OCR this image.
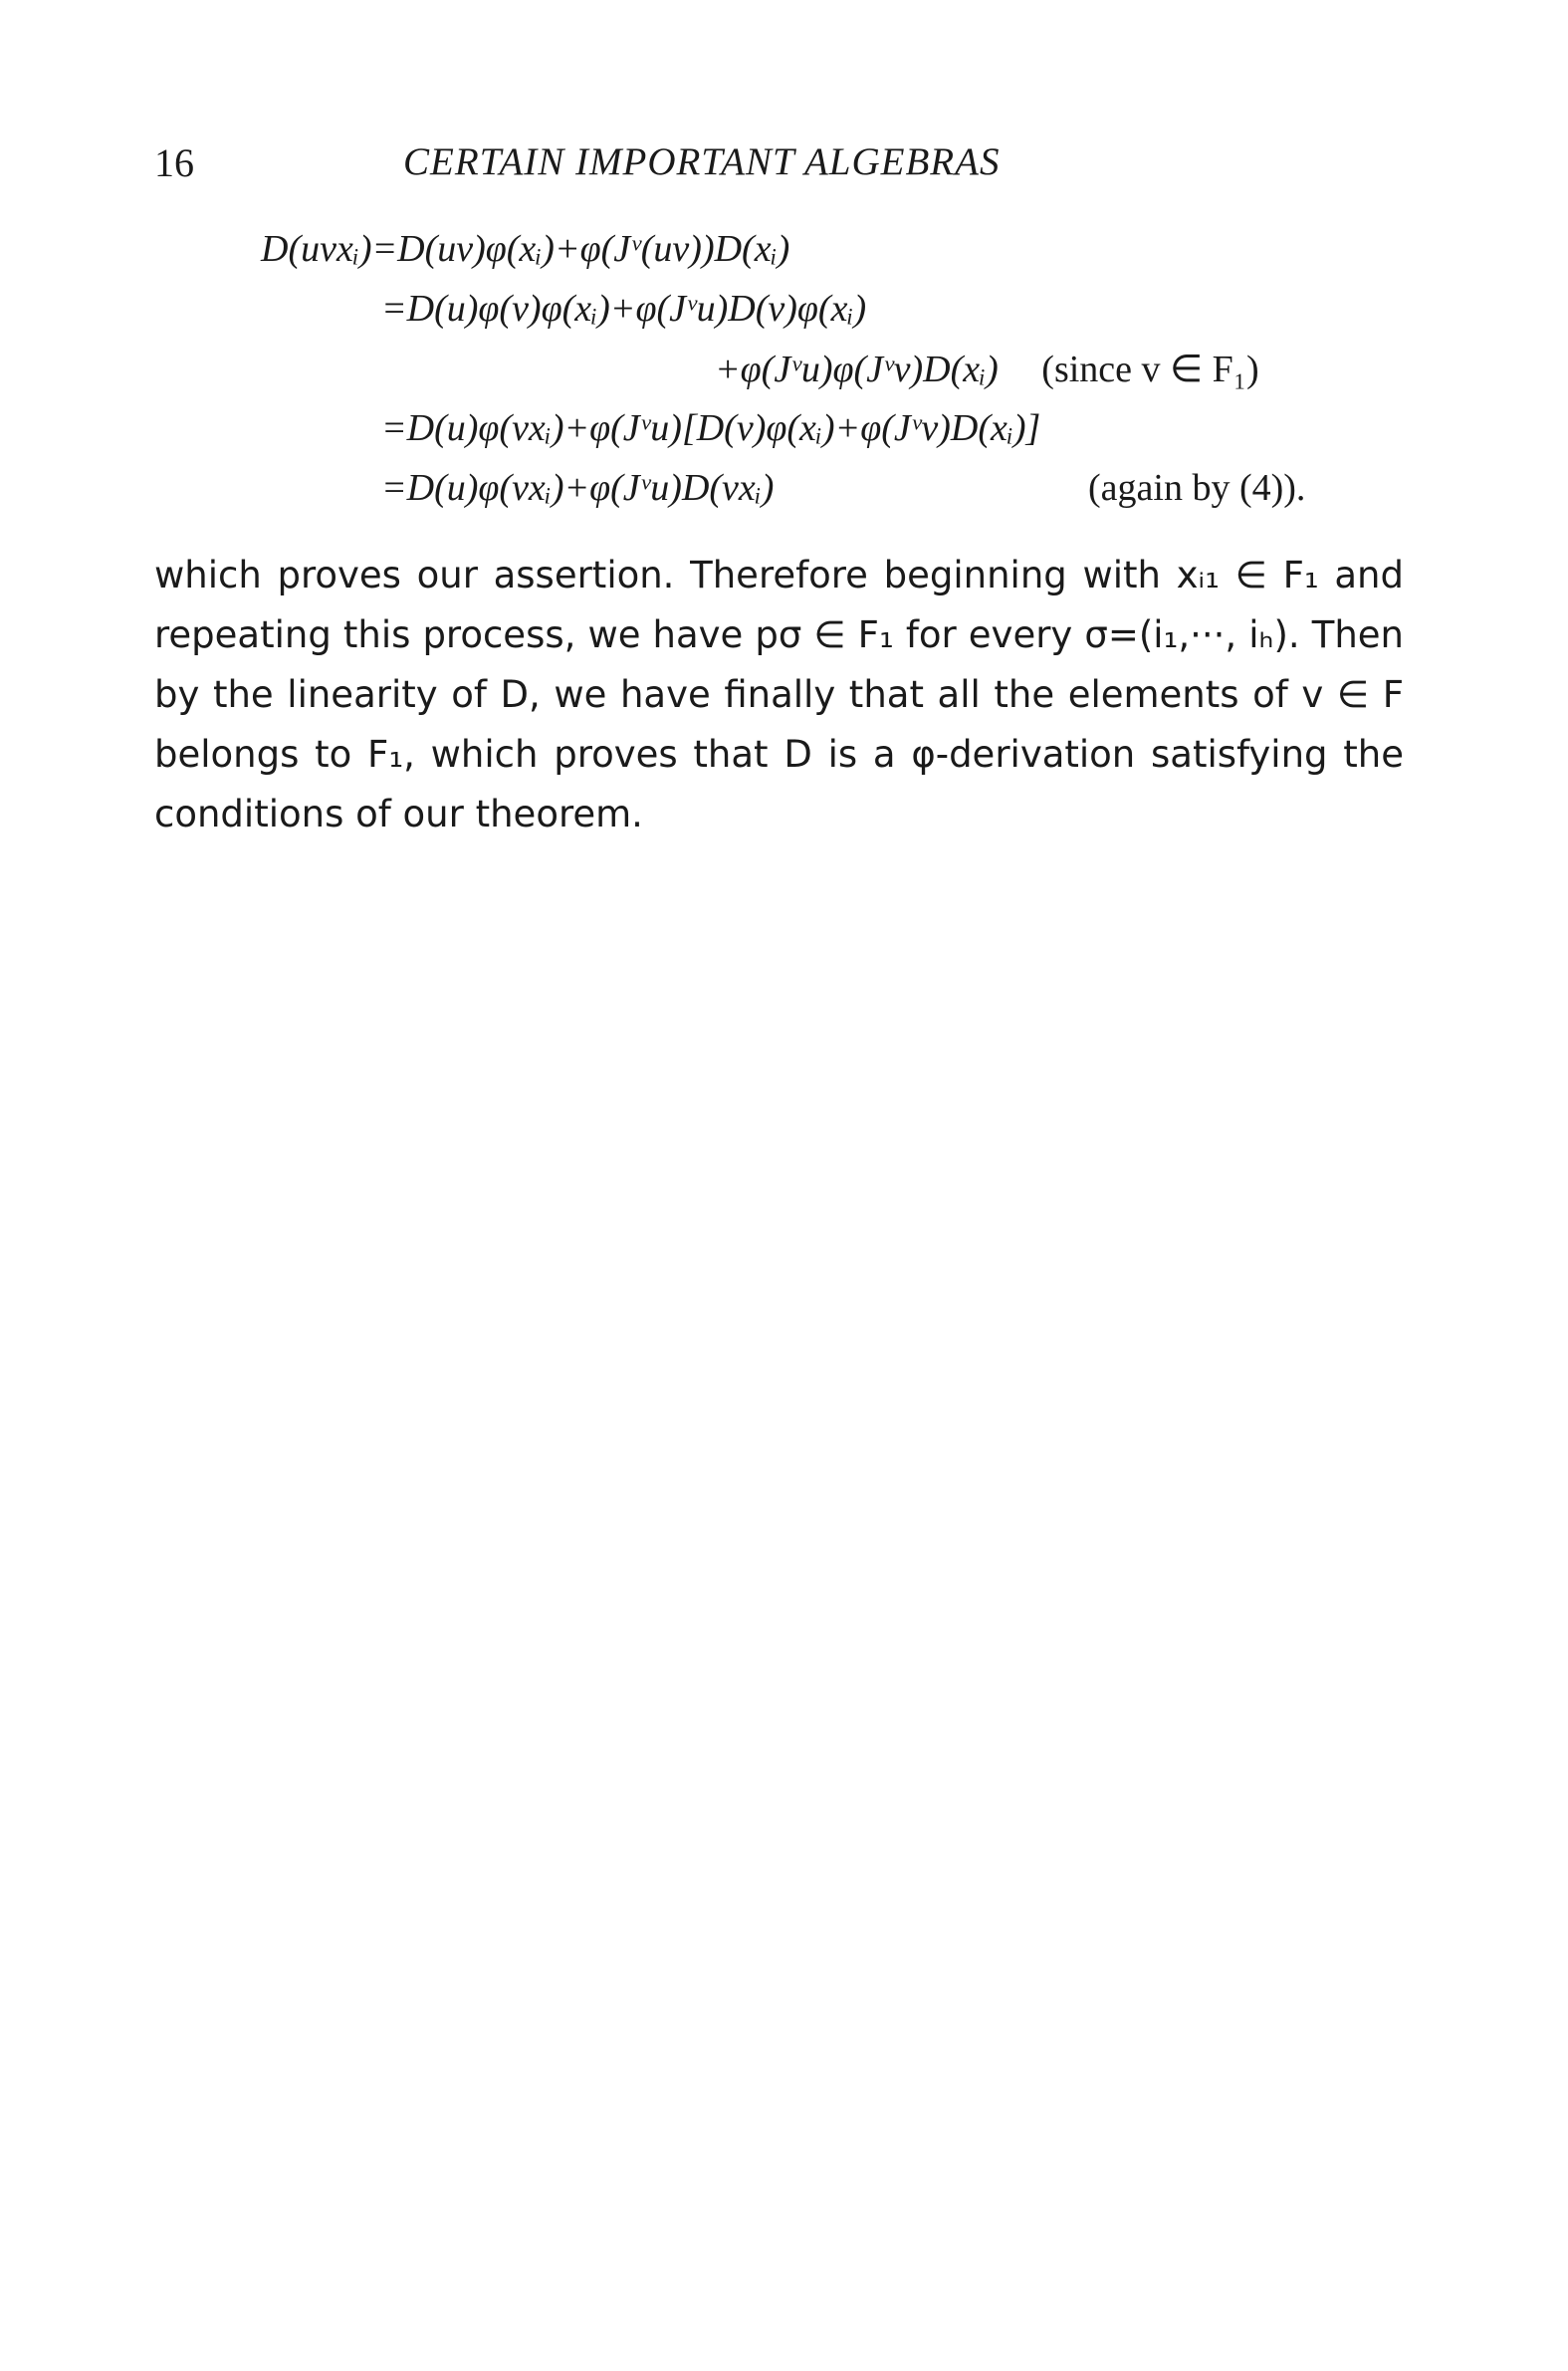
16	CERTAIN IMPORTANT ALGEBRAS
D(uvxᵢ)=D(uv)φ(xᵢ)+φ(Jᵛ(uv))D(xᵢ)
=D(u)φ(v)φ(xᵢ)+φ(Jᵛu)D(v)φ(xᵢ)
+φ(Jᵛu)φ(Jᵛv)D(xᵢ) (since v ∈ F₁)
=D(u)φ(vxᵢ)+φ(Jᵛu)[D(v)φ(xᵢ)+φ(Jᵛv)D(xᵢ)]
=D(u)φ(vxᵢ)+φ(Jᵛu)D(vxᵢ)	(again by (4)).
which proves our assertion. Therefore beginning with xᵢ₁ ∈ F₁ and
repeating this process, we have pσ ∈ F₁ for every σ=(i₁,···, iₕ). Then
by the linearity of D, we have finally that all the elements of v ∈ F
belongs to F₁, which proves that D is a φ-derivation satisfying the
conditions of our theorem.
